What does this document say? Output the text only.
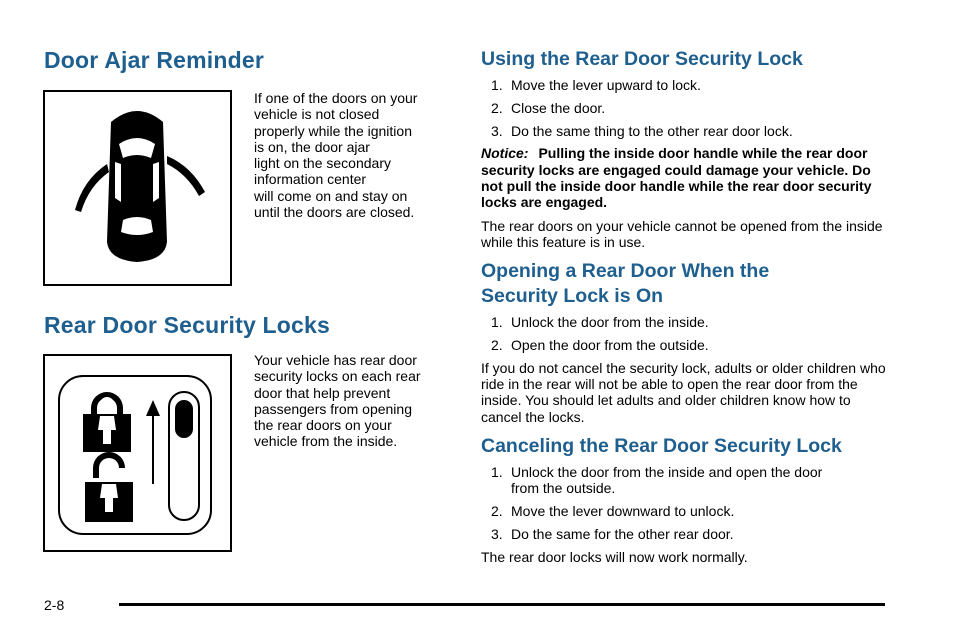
Door Ajar Reminder
If one of the doors on your
vehicle is not closed
properly while the ignition
is on, the door ajar
light on the secondary
information center
will come on and stay on
until the doors are closed.
Rear Door Security Locks
Your vehicle has rear door
security locks on each rear
door that help prevent
passengers from opening
the rear doors on your
vehicle from the inside.
Using the Rear Door Security Lock
1. Move the lever upward to lock.
2. Close the door.
3. Do the same thing to the other rear door lock.

Notice: Pulling the inside door handle while the rear door security locks are engaged could damage your vehicle. Do not pull the inside door handle while the rear door security locks are engaged.

The rear doors on your vehicle cannot be opened from the inside while this feature is in use.

Opening a Rear Door When the
Security Lock is On
1. Unlock the door from the inside.
2. Open the door from the outside.

If you do not cancel the security lock, adults or older children who ride in the rear will not be able to open the rear door from the inside. You should let adults and older children know how to cancel the locks.

Canceling the Rear Door Security Lock
1. Unlock the door from the inside and open the door from the outside.
2. Move the lever downward to unlock.
3. Do the same for the other rear door.

The rear door locks will now work normally.

2-8
